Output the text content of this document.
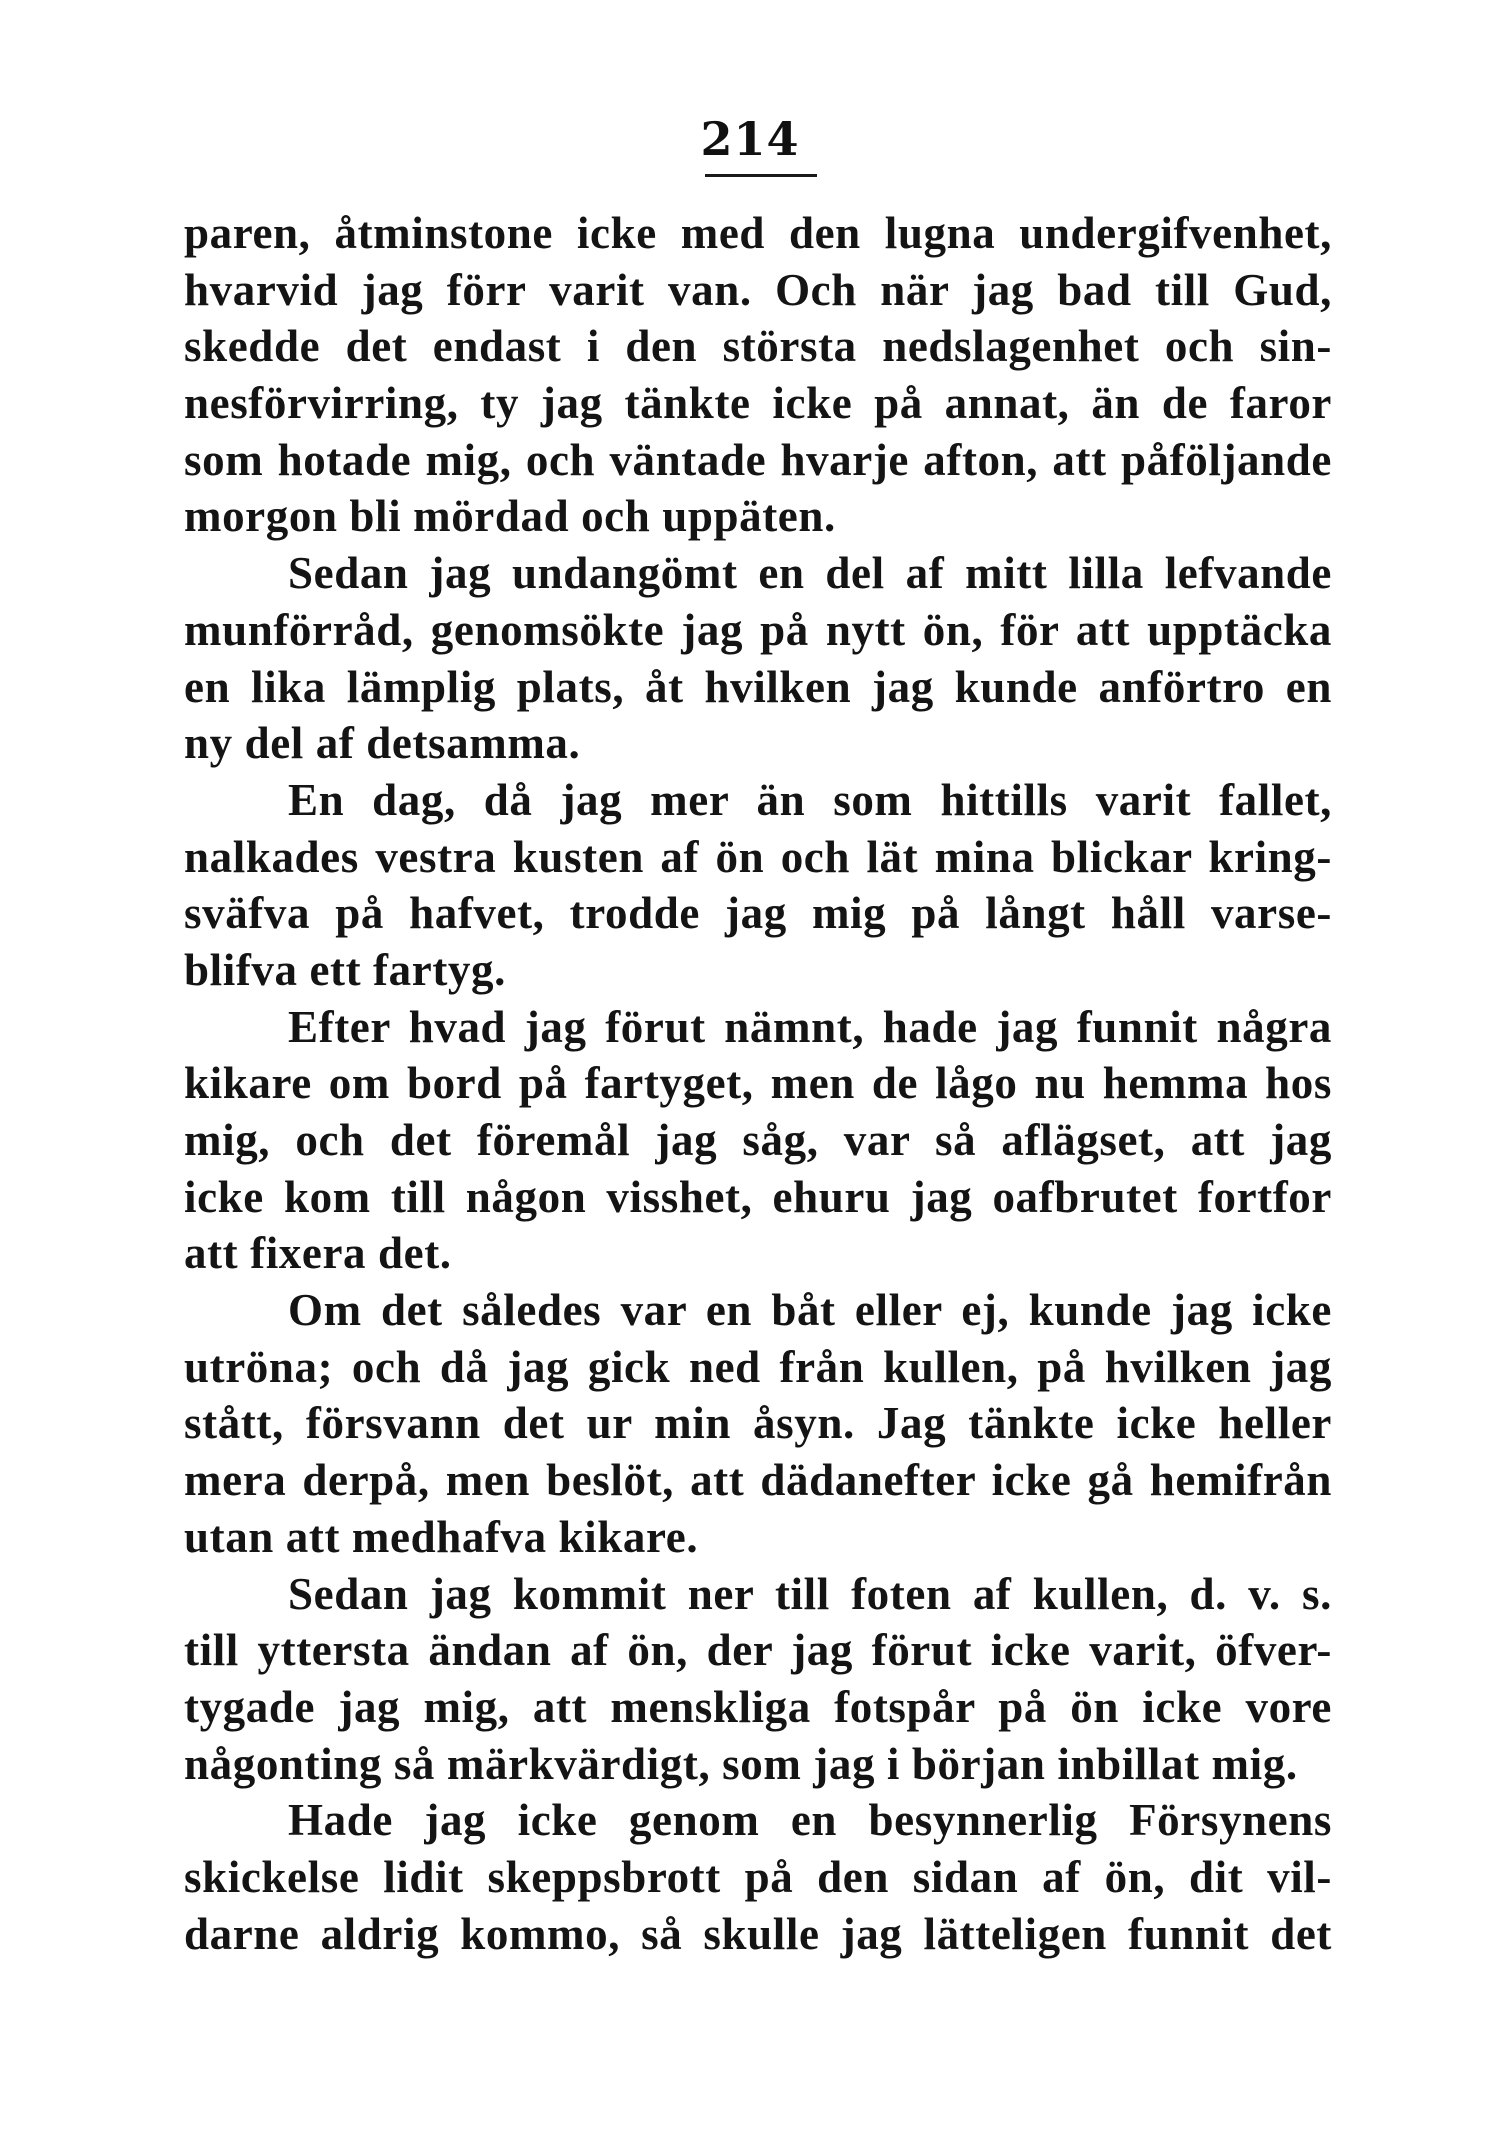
214
paren, åtminstone icke med den lugna undergifvenhet,
hvarvid jag förr varit van. Och när jag bad till Gud,
skedde det endast i den största nedslagenhet och sin-
nesförvirring, ty jag tänkte icke på annat, än de faror
som hotade mig, och väntade hvarje afton, att påföljande
morgon bli mördad och uppäten.
Sedan jag undangömt en del af mitt lilla lefvande
munförråd, genomsökte jag på nytt ön, för att upptäcka
en lika lämplig plats, åt hvilken jag kunde anförtro en
ny del af detsamma.
En dag, då jag mer än som hittills varit fallet,
nalkades vestra kusten af ön och lät mina blickar kring-
sväfva på hafvet, trodde jag mig på långt håll varse-
blifva ett fartyg.
Efter hvad jag förut nämnt, hade jag funnit några
kikare om bord på fartyget, men de lågo nu hemma hos
mig, och det föremål jag såg, var så aflägset, att jag
icke kom till någon visshet, ehuru jag oafbrutet fortfor
att fixera det.
Om det således var en båt eller ej, kunde jag icke
utröna; och då jag gick ned från kullen, på hvilken jag
stått, försvann det ur min åsyn. Jag tänkte icke heller
mera derpå, men beslöt, att dädanefter icke gå hemifrån
utan att medhafva kikare.
Sedan jag kommit ner till foten af kullen, d. v. s.
till yttersta ändan af ön, der jag förut icke varit, öfver-
tygade jag mig, att menskliga fotspår på ön icke vore
någonting så märkvärdigt, som jag i början inbillat mig.
Hade jag icke genom en besynnerlig Försynens
skickelse lidit skeppsbrott på den sidan af ön, dit vil-
darne aldrig kommo, så skulle jag lätteligen funnit det
